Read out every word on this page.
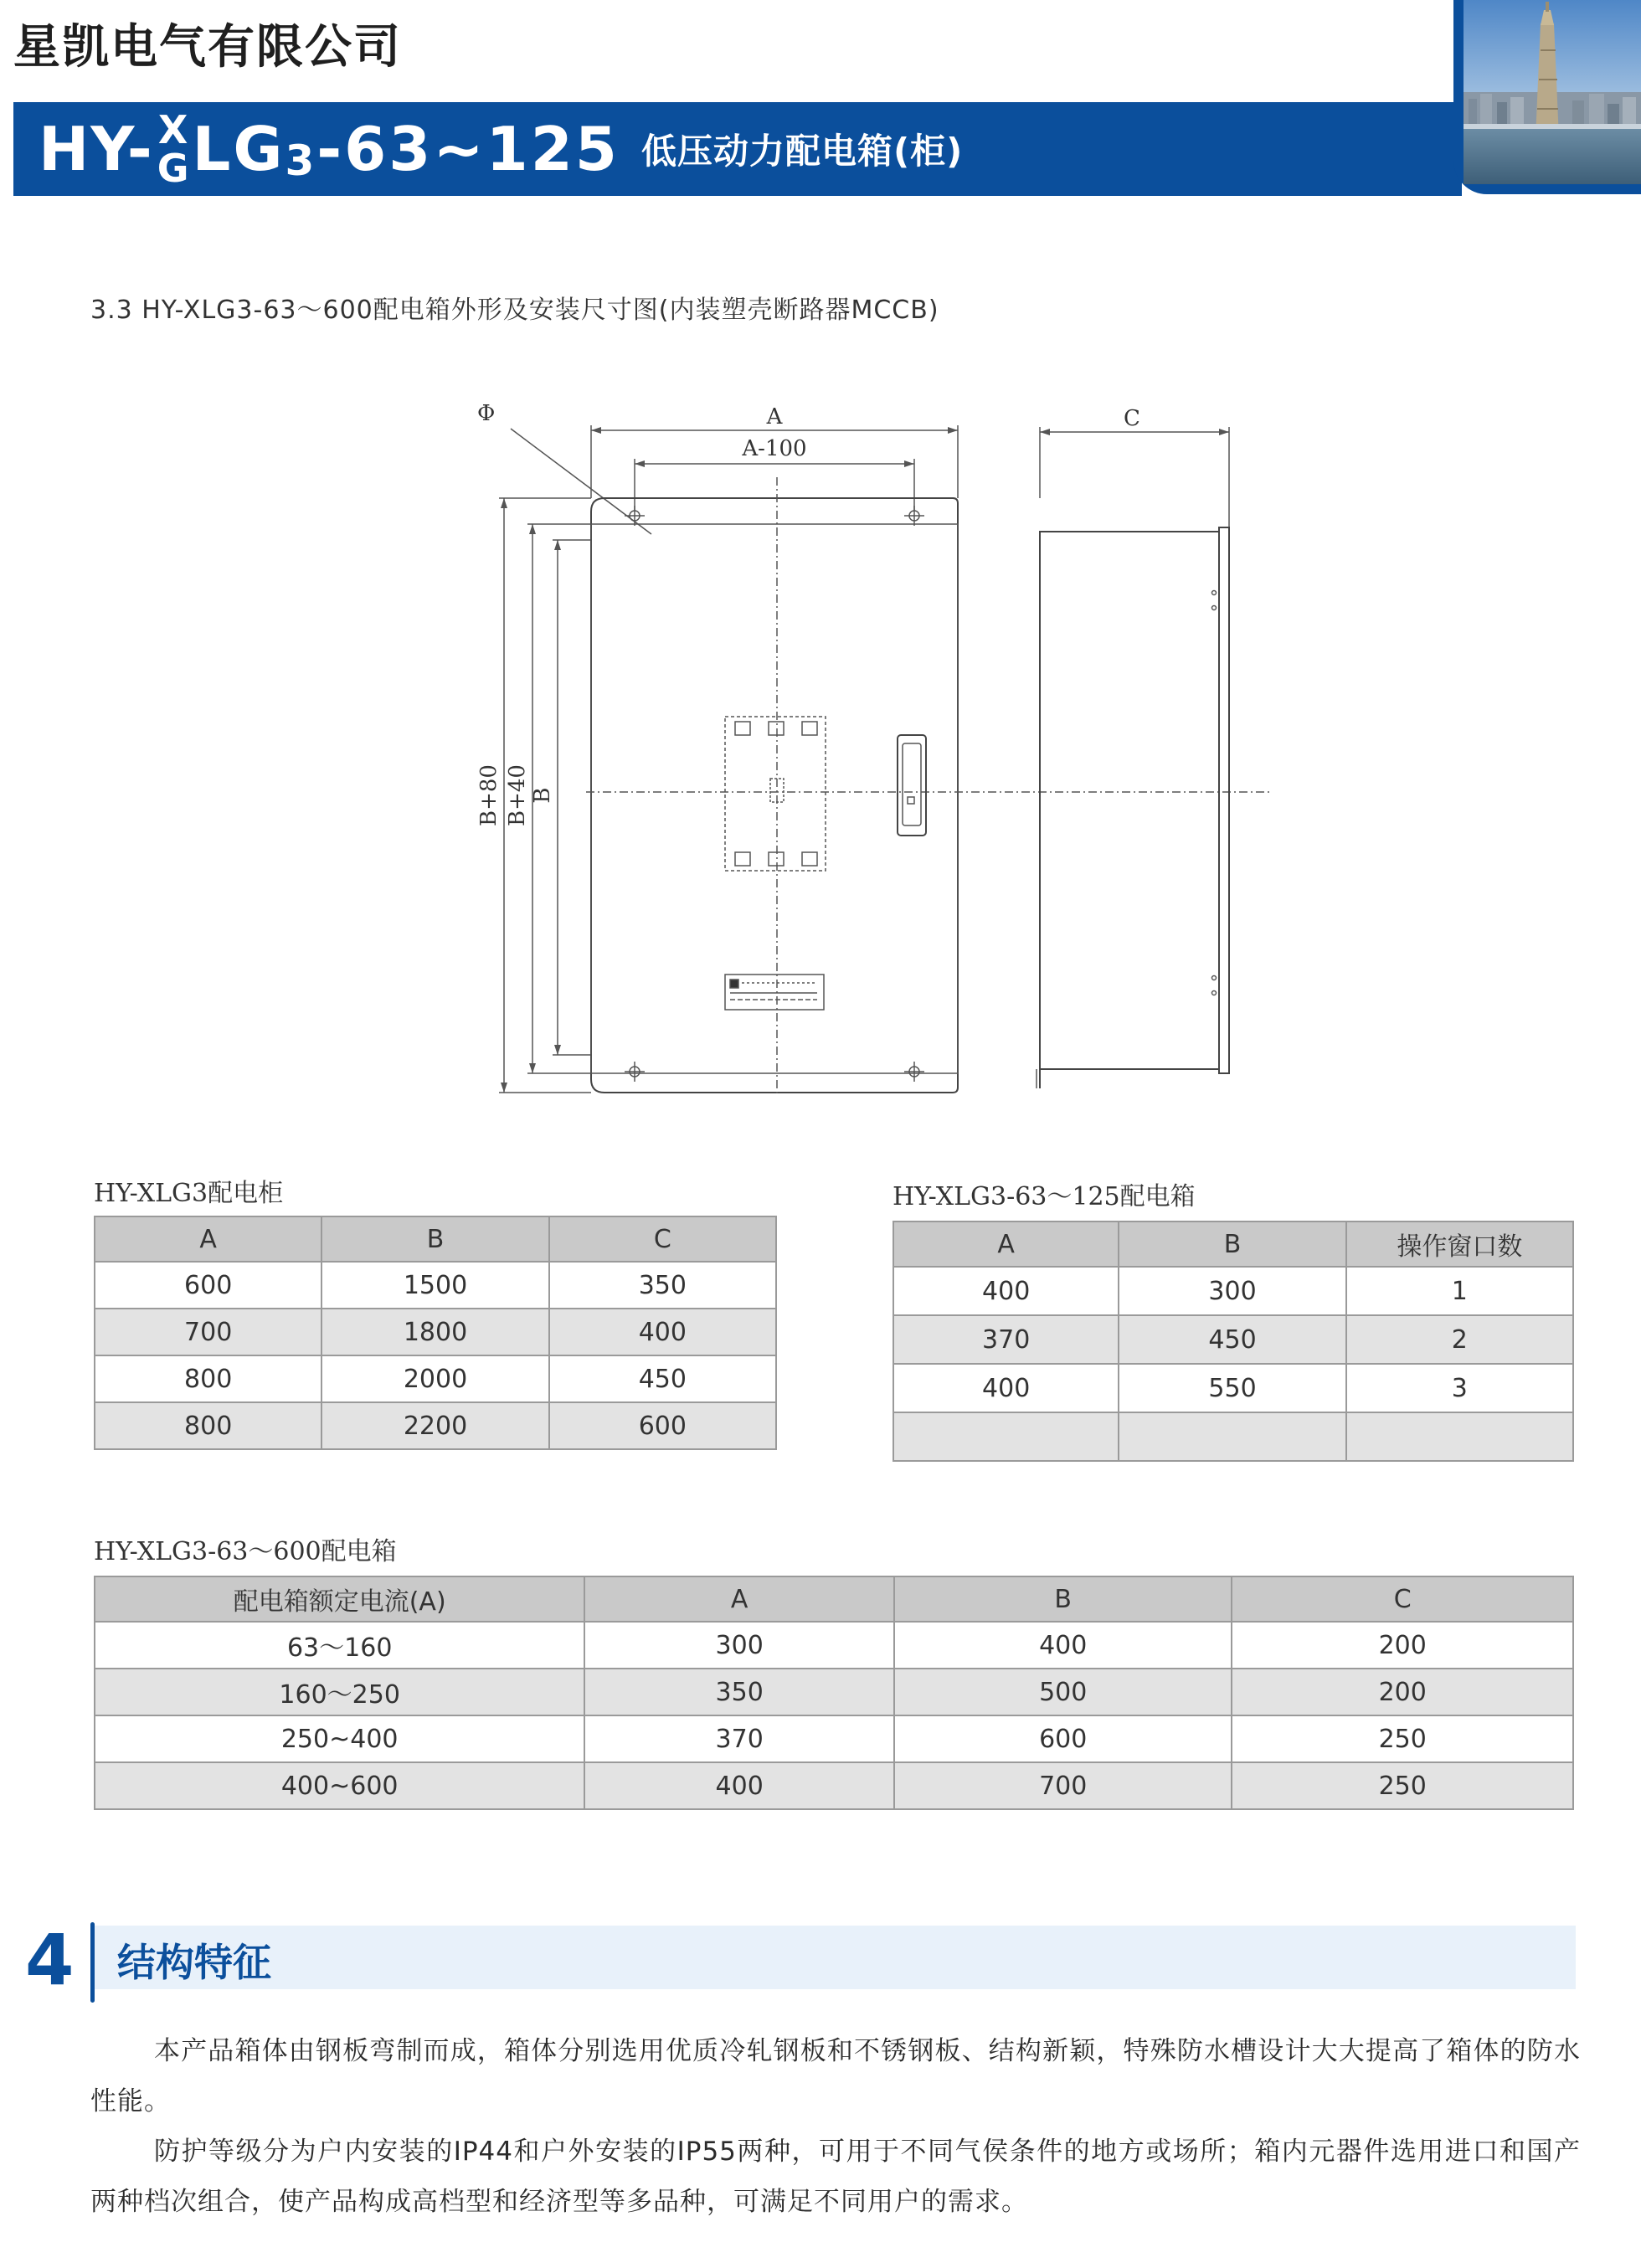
星凯电气有限公司
HY- X
G $LG_3-63\sim 125$ 低压动力配电箱(柜)
3.3 HY-XLG3-63～600配电箱外形及安装尺寸图(内装塑壳断路器MCCB)
Φ	A
A-100
C
B+80 B+40 B
HY-XLG3配电柜
A	B	C
600	1500	350
700	1800	400
800	2000	450
800	2200	600
HY-XLG3-63～125配电箱
A	B	操作窗口数
400	300	1
370	450	2
400	550	3

HY-XLG3-63～600配电箱
配电箱额定电流(A)	A	B	C
63～160	300	400	200
160～250	350	500	200
250~400	370	600	250
400~600	400	700	250
4 结构特征
本产品箱体由钢板弯制而成，箱体分别选用优质冷轧钢板和不锈钢板、结构新颖，特殊防水槽设计大大提高了箱体的防水性能。
防护等级分为户内安装的IP44和户外安装的IP55两种，可用于不同气侯条件的地方或场所；箱内元器件选用进口和国产两种档次组合，使产品构成高档型和经济型等多品种，可满足不同用户的需求。
